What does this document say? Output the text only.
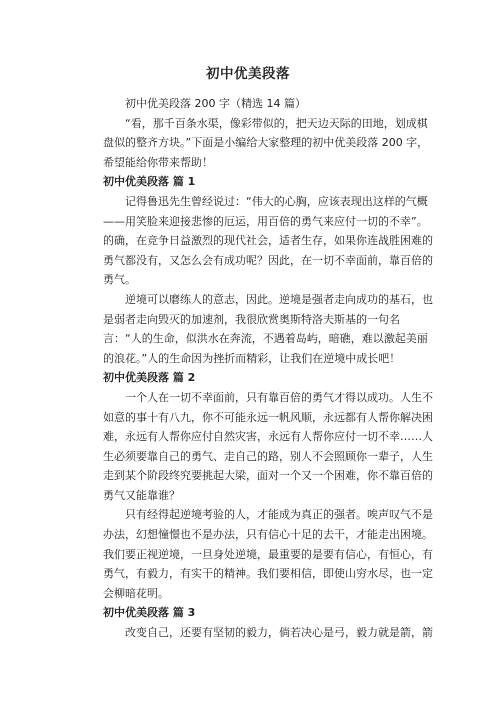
初中优美段落

初中优美段落 200 字（精选 14 篇）

“看，那千百条水渠，像彩带似的，把天边天际的田地，划成棋盘似的整齐方块。”下面是小编给大家整理的初中优美段落 200 字，希望能给你带来帮助！

初中优美段落 篇 1

记得鲁迅先生曾经说过：“伟大的心胸，应该表现出这样的气概——用笑脸来迎接悲惨的厄运，用百倍的勇气来应付一切的不幸”。的确，在竞争日益激烈的现代社会，适者生存，如果你连战胜困难的勇气都没有，又怎么会有成功呢？因此，在一切不幸面前，靠百倍的勇气。

逆境可以磨练人的意志，因此。逆境是强者走向成功的基石，也是弱者走向毁灭的加速剂，我很欣赏奥斯特洛夫斯基的一句名言：“人的生命，似洪水在奔流，不遇着岛屿，暗礁，难以激起美丽的浪花。”人的生命因为挫折而精彩，让我们在逆境中成长吧！

初中优美段落 篇 2

一个人在一切不幸面前，只有靠百倍的勇气才得以成功。人生不如意的事十有八九，你不可能永远一帆风顺，永远都有人帮你解决困难，永远有人帮你应付自然灾害，永远有人帮你应付一切不幸……人生必须要靠自己的勇气、走自己的路，别人不会照顾你一辈子，人生走到某个阶段终究要挑起大梁，面对一个又一个困难，你不靠百倍的勇气又能靠谁？

只有经得起逆境考验的人，才能成为真正的强者。唉声叹气不是办法，幻想憧憬也不是办法，只有信心十足的去干，才能走出困境。我们要正视逆境，一旦身处逆境，最重要的是要有信心，有恒心，有勇气，有毅力，有实干的精神。我们要相信，即使山穷水尽，也一定会柳暗花明。

初中优美段落 篇 3

改变自己，还要有坚韧的毅力，倘若决心是弓，毅力就是箭，箭
